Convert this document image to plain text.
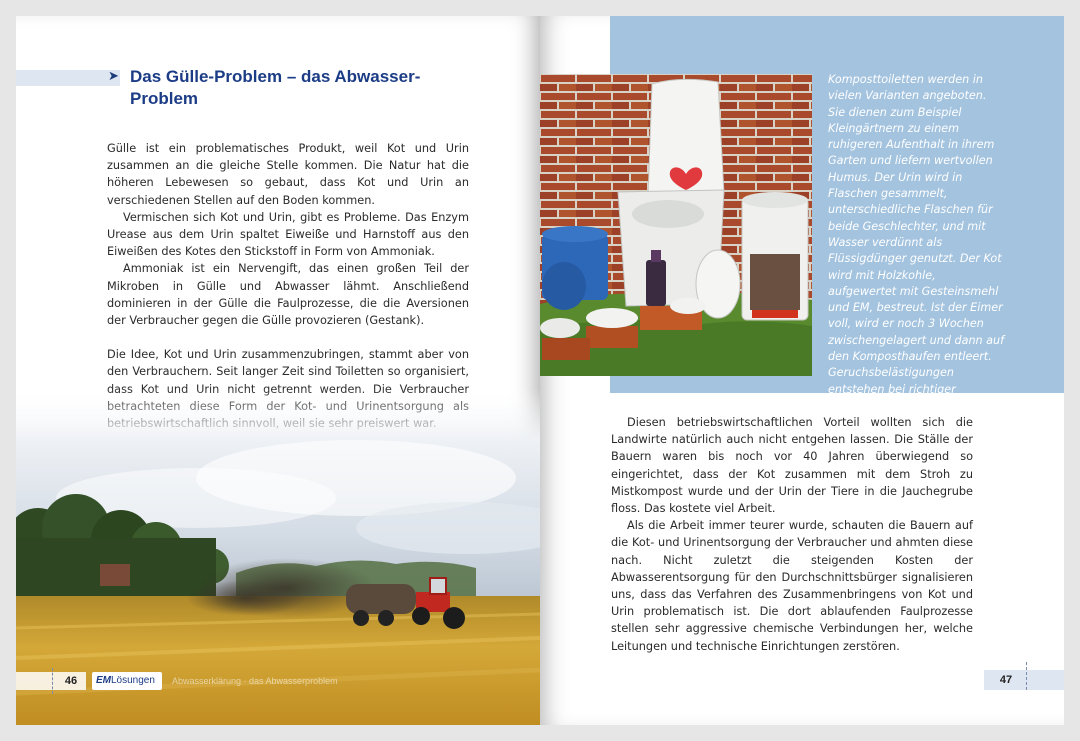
➤ Das Gülle-Problem – das Abwasser-
Problem

Gülle ist ein problematisches Produkt, weil Kot und Urin zusammen an die gleiche Stelle kommen. Die Natur hat die höheren Lebewesen so gebaut, dass Kot und Urin an verschiedenen Stellen auf den Boden kommen.

Vermischen sich Kot und Urin, gibt es Probleme. Das Enzym Urease aus dem Urin spaltet Eiweiße und Harnstoff aus den Eiweißen des Kotes den Stickstoff in Form von Ammoniak.

Ammoniak ist ein Nervengift, das einen großen Teil der Mikroben in Gülle und Abwasser lähmt. Anschließend dominieren in der Gülle die Faulprozesse, die die Aversionen der Verbraucher gegen die Gülle provozieren (Gestank).

Die Idee, Kot und Urin zusammenzubringen, stammt aber von den Verbrauchern. Seit langer Zeit sind Toiletten so organisiert,

46	EMLösungen	Abwasserklärung · das Abwasserproblem

Komposttoiletten werden in vielen Varianten angeboten. Sie dienen zum Beispiel Kleingärtnern zu einem ruhigeren Aufenthalt in ihrem Garten und liefern wertvollen Humus. Der Urin wird in Flaschen gesammelt, unterschiedliche Flaschen für beide Geschlechter, und mit Wasser verdünnt als Flüssigdünger genutzt. Der Kot wird mit Holzkohle, aufgewertet mit Gesteinsmehl und EM, bestreut. Ist der Eimer voll, wird er noch 3 Wochen zwischengelagert und dann auf den Komposthaufen entleert. Geruchsbelästigungen entstehen bei richtiger Nutzung nicht.

Diesen betriebswirtschaftlichen Vorteil wollten sich die Landwirte natürlich auch nicht entgehen lassen. Die Ställe der Bauern waren bis noch vor 40 Jahren überwiegend so eingerichtet, dass der Kot zusammen mit dem Stroh zu Mistkompost wurde und der Urin der Tiere in die Jauchegrube floss. Das kostete viel Arbeit.

Als die Arbeit immer teurer wurde, schauten die Bauern auf die Kot- und Urinentsorgung der Verbraucher und ahmten diese nach. Nicht zuletzt die steigenden Kosten der Abwasserentsorgung für den Durchschnittsbürger signalisieren uns, dass das Verfahren des Zusammenbringens von Kot und Urin problematisch ist. Die dort ablaufenden Faulprozesse stellen sehr aggressive chemische Verbindungen her, welche Leitungen und technische Einrichtungen zerstören.

47
